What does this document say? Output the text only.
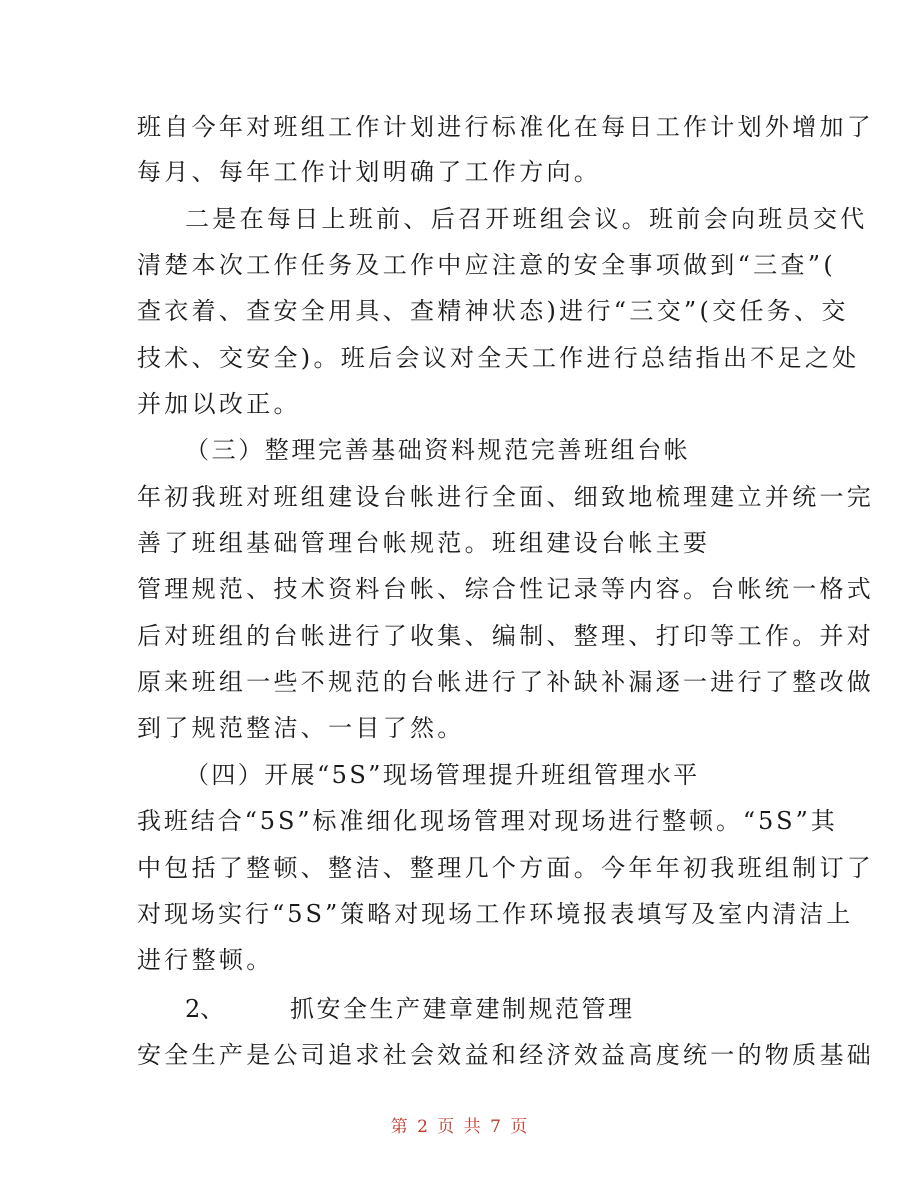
班自今年对班组工作计划进行标准化在每日工作计划外增加了
每月、每年工作计划明确了工作方向。
二是在每日上班前、后召开班组会议。班前会向班员交代
清楚本次工作任务及工作中应注意的安全事项做到“三查”(
查衣着、查安全用具、查精神状态)进行“三交”(交任务、交
技术、交安全)。班后会议对全天工作进行总结指出不足之处
并加以改正。
（三）整理完善基础资料规范完善班组台帐
年初我班对班组建设台帐进行全面、细致地梳理建立并统一完
善了班组基础管理台帐规范。班组建设台帐主要
管理规范、技术资料台帐、综合性记录等内容。台帐统一格式
后对班组的台帐进行了收集、编制、整理、打印等工作。并对
原来班组一些不规范的台帐进行了补缺补漏逐一进行了整改做
到了规范整洁、一目了然。
（四）开展“5S”现场管理提升班组管理水平
我班结合“5S”标准细化现场管理对现场进行整顿。“5S”其
中包括了整顿、整洁、整理几个方面。今年年初我班组制订了
对现场实行“5S”策略对现场工作环境报表填写及室内清洁上
进行整顿。
2、	抓安全生产建章建制规范管理
安全生产是公司追求社会效益和经济效益高度统一的物质基础
第 2 页 共 7 页
